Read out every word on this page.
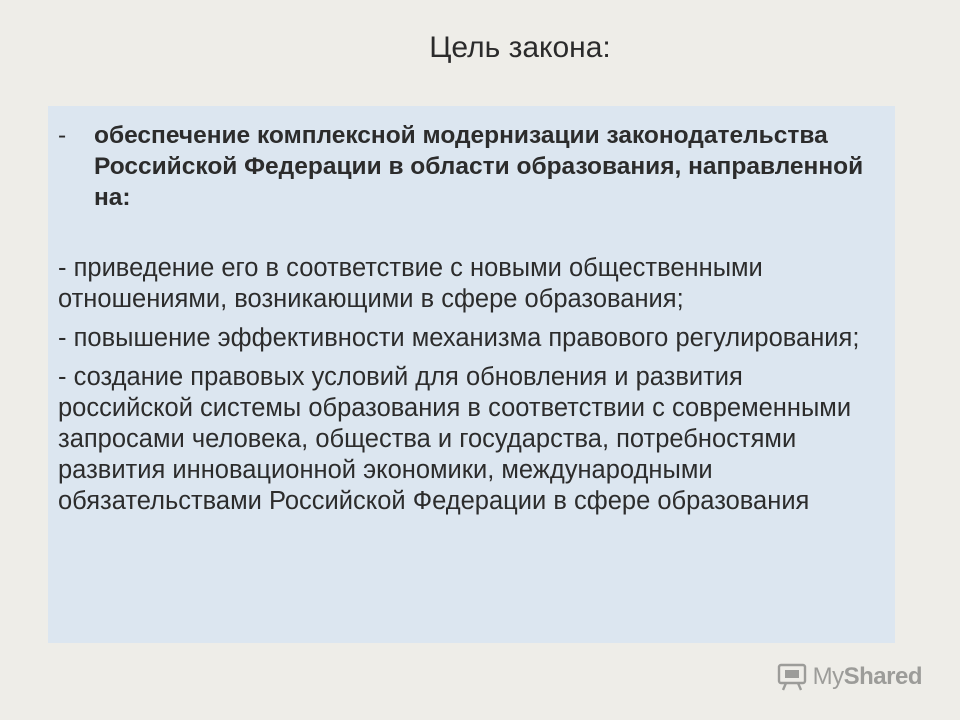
Цель закона:
-	обеспечение комплексной модернизации законодательства Российской Федерации в области образования, направленной на:
- приведение его в соответствие с новыми общественными отношениями, возникающими в сфере образования;
- повышение эффективности механизма правового регулирования;
- создание правовых условий для обновления и развития российской системы образования в соответствии с современными запросами человека, общества и государства, потребностями развития инновационной экономики, международными обязательствами Российской Федерации в сфере образования
MyShared
